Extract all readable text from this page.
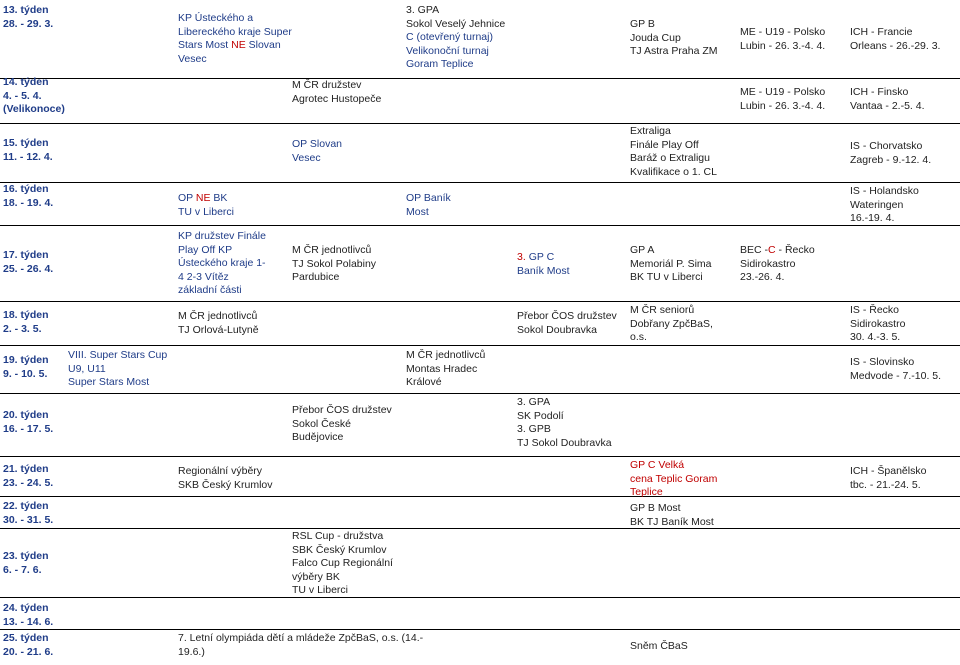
13. týden

28. - 29. 3.

14. týden

4. - 5. 4.

(Velikonoce)

15. týden

11. - 12. 4.

16. týden

18. - 19. 4.

17. týden

25. - 26. 4.

18. týden

2. - 3. 5.

19. týden

9. - 10. 5.

20. týden

16. - 17. 5.

21. týden

23. - 24. 5.

22. týden

30. - 31. 5.

23. týden

6. - 7. 6.

24. týden

13. - 14. 6.

25. týden

20. - 21. 6.

KP Ústeckého a

Libereckého kraje Super

Stars Most NE Slovan

Vesec

3. GPA

Sokol Veselý Jehnice

C (otevřený turnaj)

Velikonoční turnaj

Goram Teplice

GP B

Jouda Cup

TJ Astra Praha ZM

ME - U19 - Polsko

Lubin - 26. 3.-4. 4.

ICH - Francie

Orleans - 26.-29. 3.

M ČR družstev

Agrotec Hustopeče

ME - U19 - Polsko

Lubin - 26. 3.-4. 4.

ICH - Finsko

Vantaa - 2.-5. 4.

OP Slovan

Vesec

Extraliga

Finále Play Off

Baráž o Extraligu

Kvalifikace o 1. CL

IS - Chorvatsko

Zagreb - 9.-12. 4.

OP NE BK

TU v Liberci

OP Baník

Most

IS - Holandsko

Wateringen

16.-19. 4.

KP družstev Finále

Play Off KP

Ústeckého kraje 1-

4 2-3 Vítěz

základní části

M ČR jednotlivců

TJ Sokol Polabiny

Pardubice

3. GP C

Baník Most

GP A

Memoriál P. Sima

BK TU v Liberci

BEC -C - Řecko

Sidirokastro

23.-26. 4.

M ČR jednotlivců

TJ Orlová-Lutyně

Přebor ČOS družstev

Sokol Doubravka

M ČR seniorů

Dobřany ZpčBaS,

o.s.

IS - Řecko

Sidirokastro

30. 4.-3. 5.

VIII. Super Stars Cup

U9, U11

Super Stars Most

M ČR jednotlivců

Montas Hradec

Králové

IS - Slovinsko

Medvode - 7.-10. 5.

Přebor ČOS družstev

Sokol České

Budějovice

3. GPA

SK Podolí

3. GPB

TJ Sokol Doubravka

Regionální výběry

SKB Český Krumlov

GP C Velká

cena Teplic Goram

Teplice

ICH - Španělsko

tbc. - 21.-24. 5.

GP B Most

BK TJ Baník Most

RSL Cup - družstva

SBK Český Krumlov

Falco Cup Regionální

výběry BK

TU v Liberci

7. Letní olympiáda dětí a mládeže ZpčBaS, o.s. (14.-

19.6.)	Sněm ČBaS
